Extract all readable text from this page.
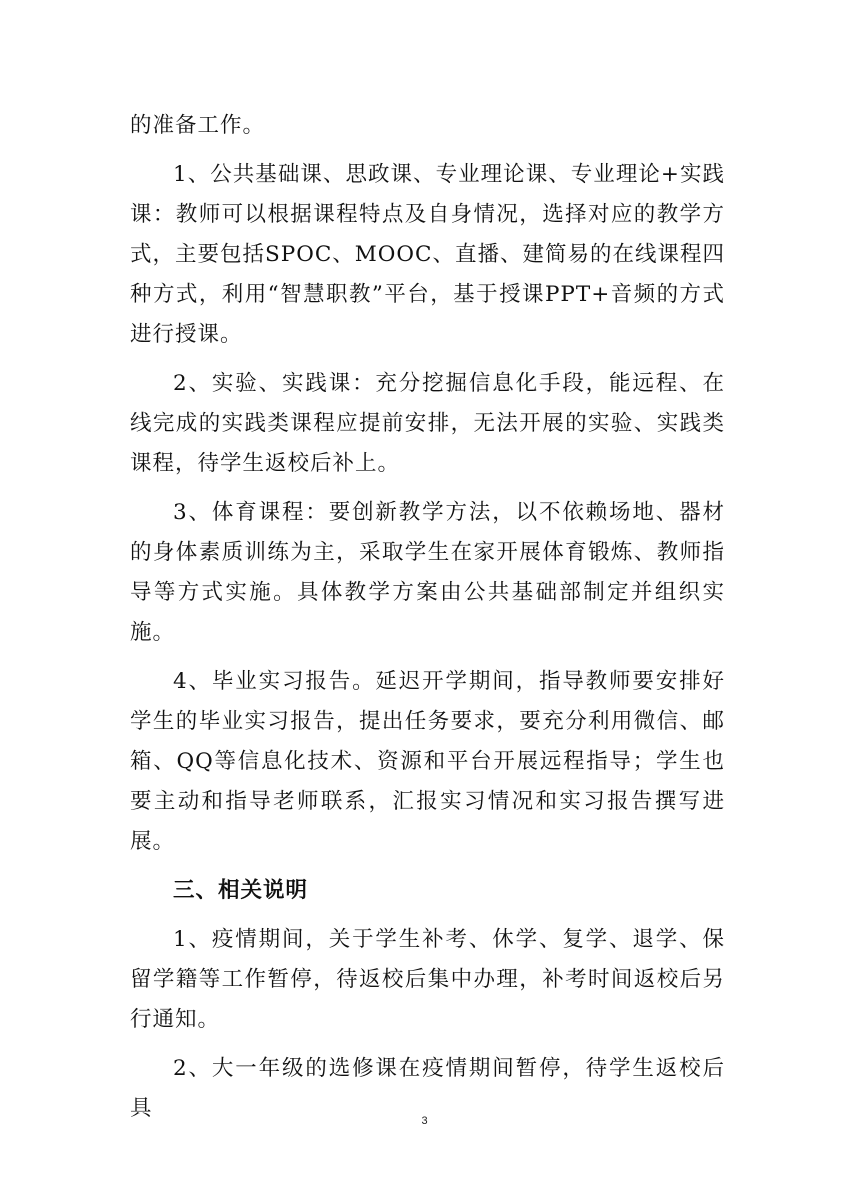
的准备工作。

1、公共基础课、思政课、专业理论课、专业理论+实践课：教师可以根据课程特点及自身情况，选择对应的教学方式，主要包括SPOC、MOOC、直播、建简易的在线课程四种方式，利用“智慧职教”平台，基于授课PPT+音频的方式进行授课。

2、实验、实践课：充分挖掘信息化手段，能远程、在线完成的实践类课程应提前安排，无法开展的实验、实践类课程，待学生返校后补上。

3、体育课程：要创新教学方法，以不依赖场地、器材的身体素质训练为主，采取学生在家开展体育锻炼、教师指导等方式实施。具体教学方案由公共基础部制定并组织实施。

4、毕业实习报告。延迟开学期间，指导教师要安排好学生的毕业实习报告，提出任务要求，要充分利用微信、邮箱、QQ等信息化技术、资源和平台开展远程指导；学生也要主动和指导老师联系，汇报实习情况和实习报告撰写进展。

三、相关说明

1、疫情期间，关于学生补考、休学、复学、退学、保留学籍等工作暂停，待返校后集中办理，补考时间返校后另行通知。

2、大一年级的选修课在疫情期间暂停，待学生返校后具	3
